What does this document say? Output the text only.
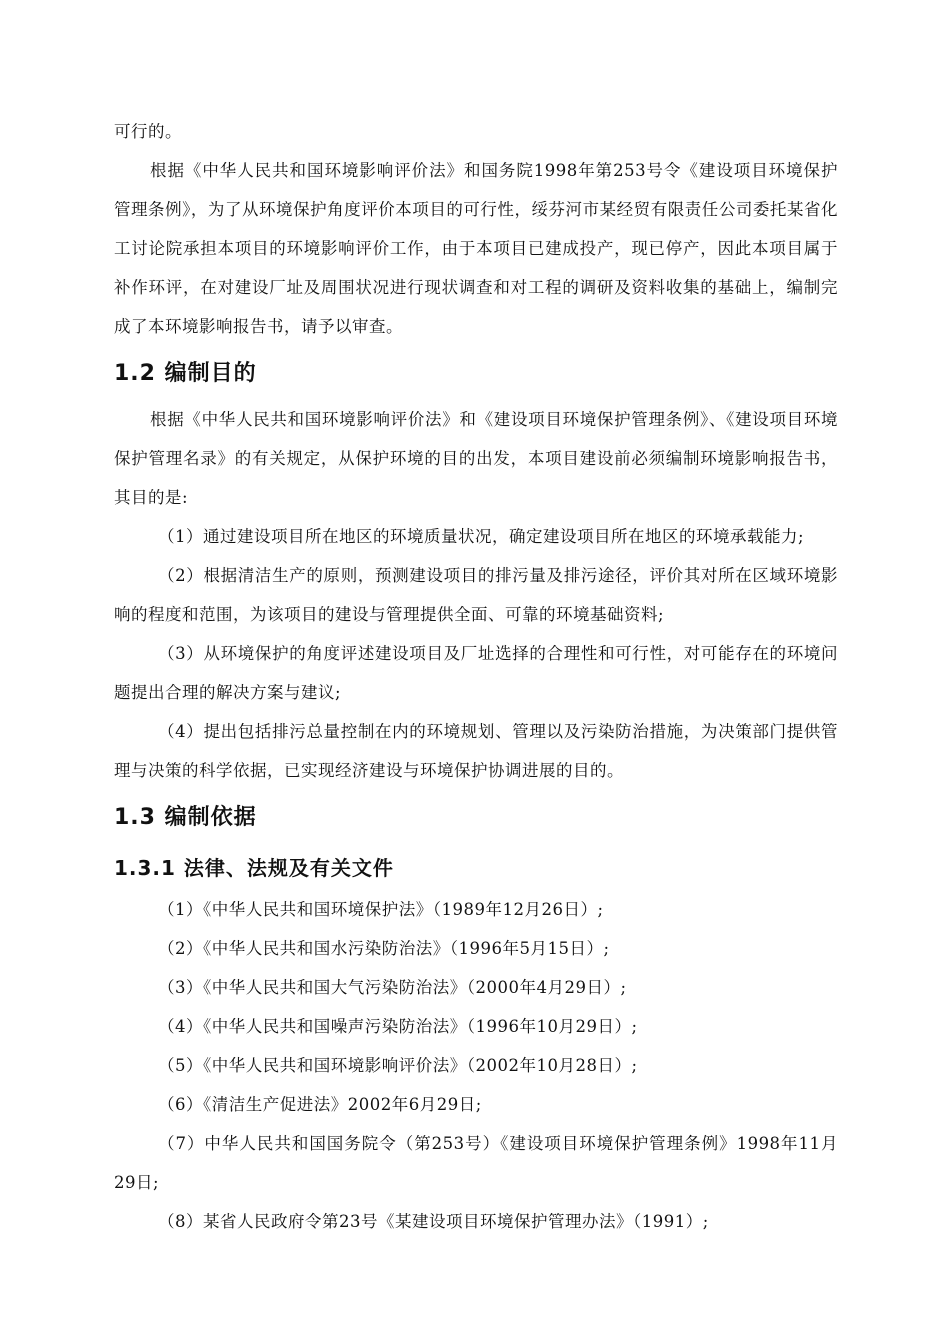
可行的。

根据《中华人民共和国环境影响评价法》和国务院1998年第253号令《建设项目环境保护管理条例》，为了从环境保护角度评价本项目的可行性，绥芬河市某经贸有限责任公司委托某省化工讨论院承担本项目的环境影响评价工作，由于本项目已建成投产，现已停产，因此本项目属于补作环评，在对建设厂址及周围状况进行现状调查和对工程的调研及资料收集的基础上，编制完成了本环境影响报告书，请予以审查。

1.2 编制目的

根据《中华人民共和国环境影响评价法》和《建设项目环境保护管理条例》、《建设项目环境保护管理名录》的有关规定，从保护环境的目的出发，本项目建设前必须编制环境影响报告书，其目的是:

（1）通过建设项目所在地区的环境质量状况，确定建设项目所在地区的环境承载能力;

（2）根据清洁生产的原则，预测建设项目的排污量及排污途径，评价其对所在区域环境影响的程度和范围，为该项目的建设与管理提供全面、可靠的环境基础资料;

（3）从环境保护的角度评述建设项目及厂址选择的合理性和可行性，对可能存在的环境问题提出合理的解决方案与建议;

（4）提出包括排污总量控制在内的环境规划、管理以及污染防治措施，为决策部门提供管理与决策的科学依据，已实现经济建设与环境保护协调进展的目的。

1.3 编制依据
1.3.1 法律、法规及有关文件

（1）《中华人民共和国环境保护法》（1989年12月26日）;

（2）《中华人民共和国水污染防治法》（1996年5月15日）;

（3）《中华人民共和国大气污染防治法》（2000年4月29日）;

（4）《中华人民共和国噪声污染防治法》（1996年10月29日）;

（5）《中华人民共和国环境影响评价法》（2002年10月28日）;

（6）《清洁生产促进法》2002年6月29日;

（7）中华人民共和国国务院令（第253号）《建设项目环境保护管理条例》1998年11月29日;

（8）某省人民政府令第23号《某建设项目环境保护管理办法》（1991）;
